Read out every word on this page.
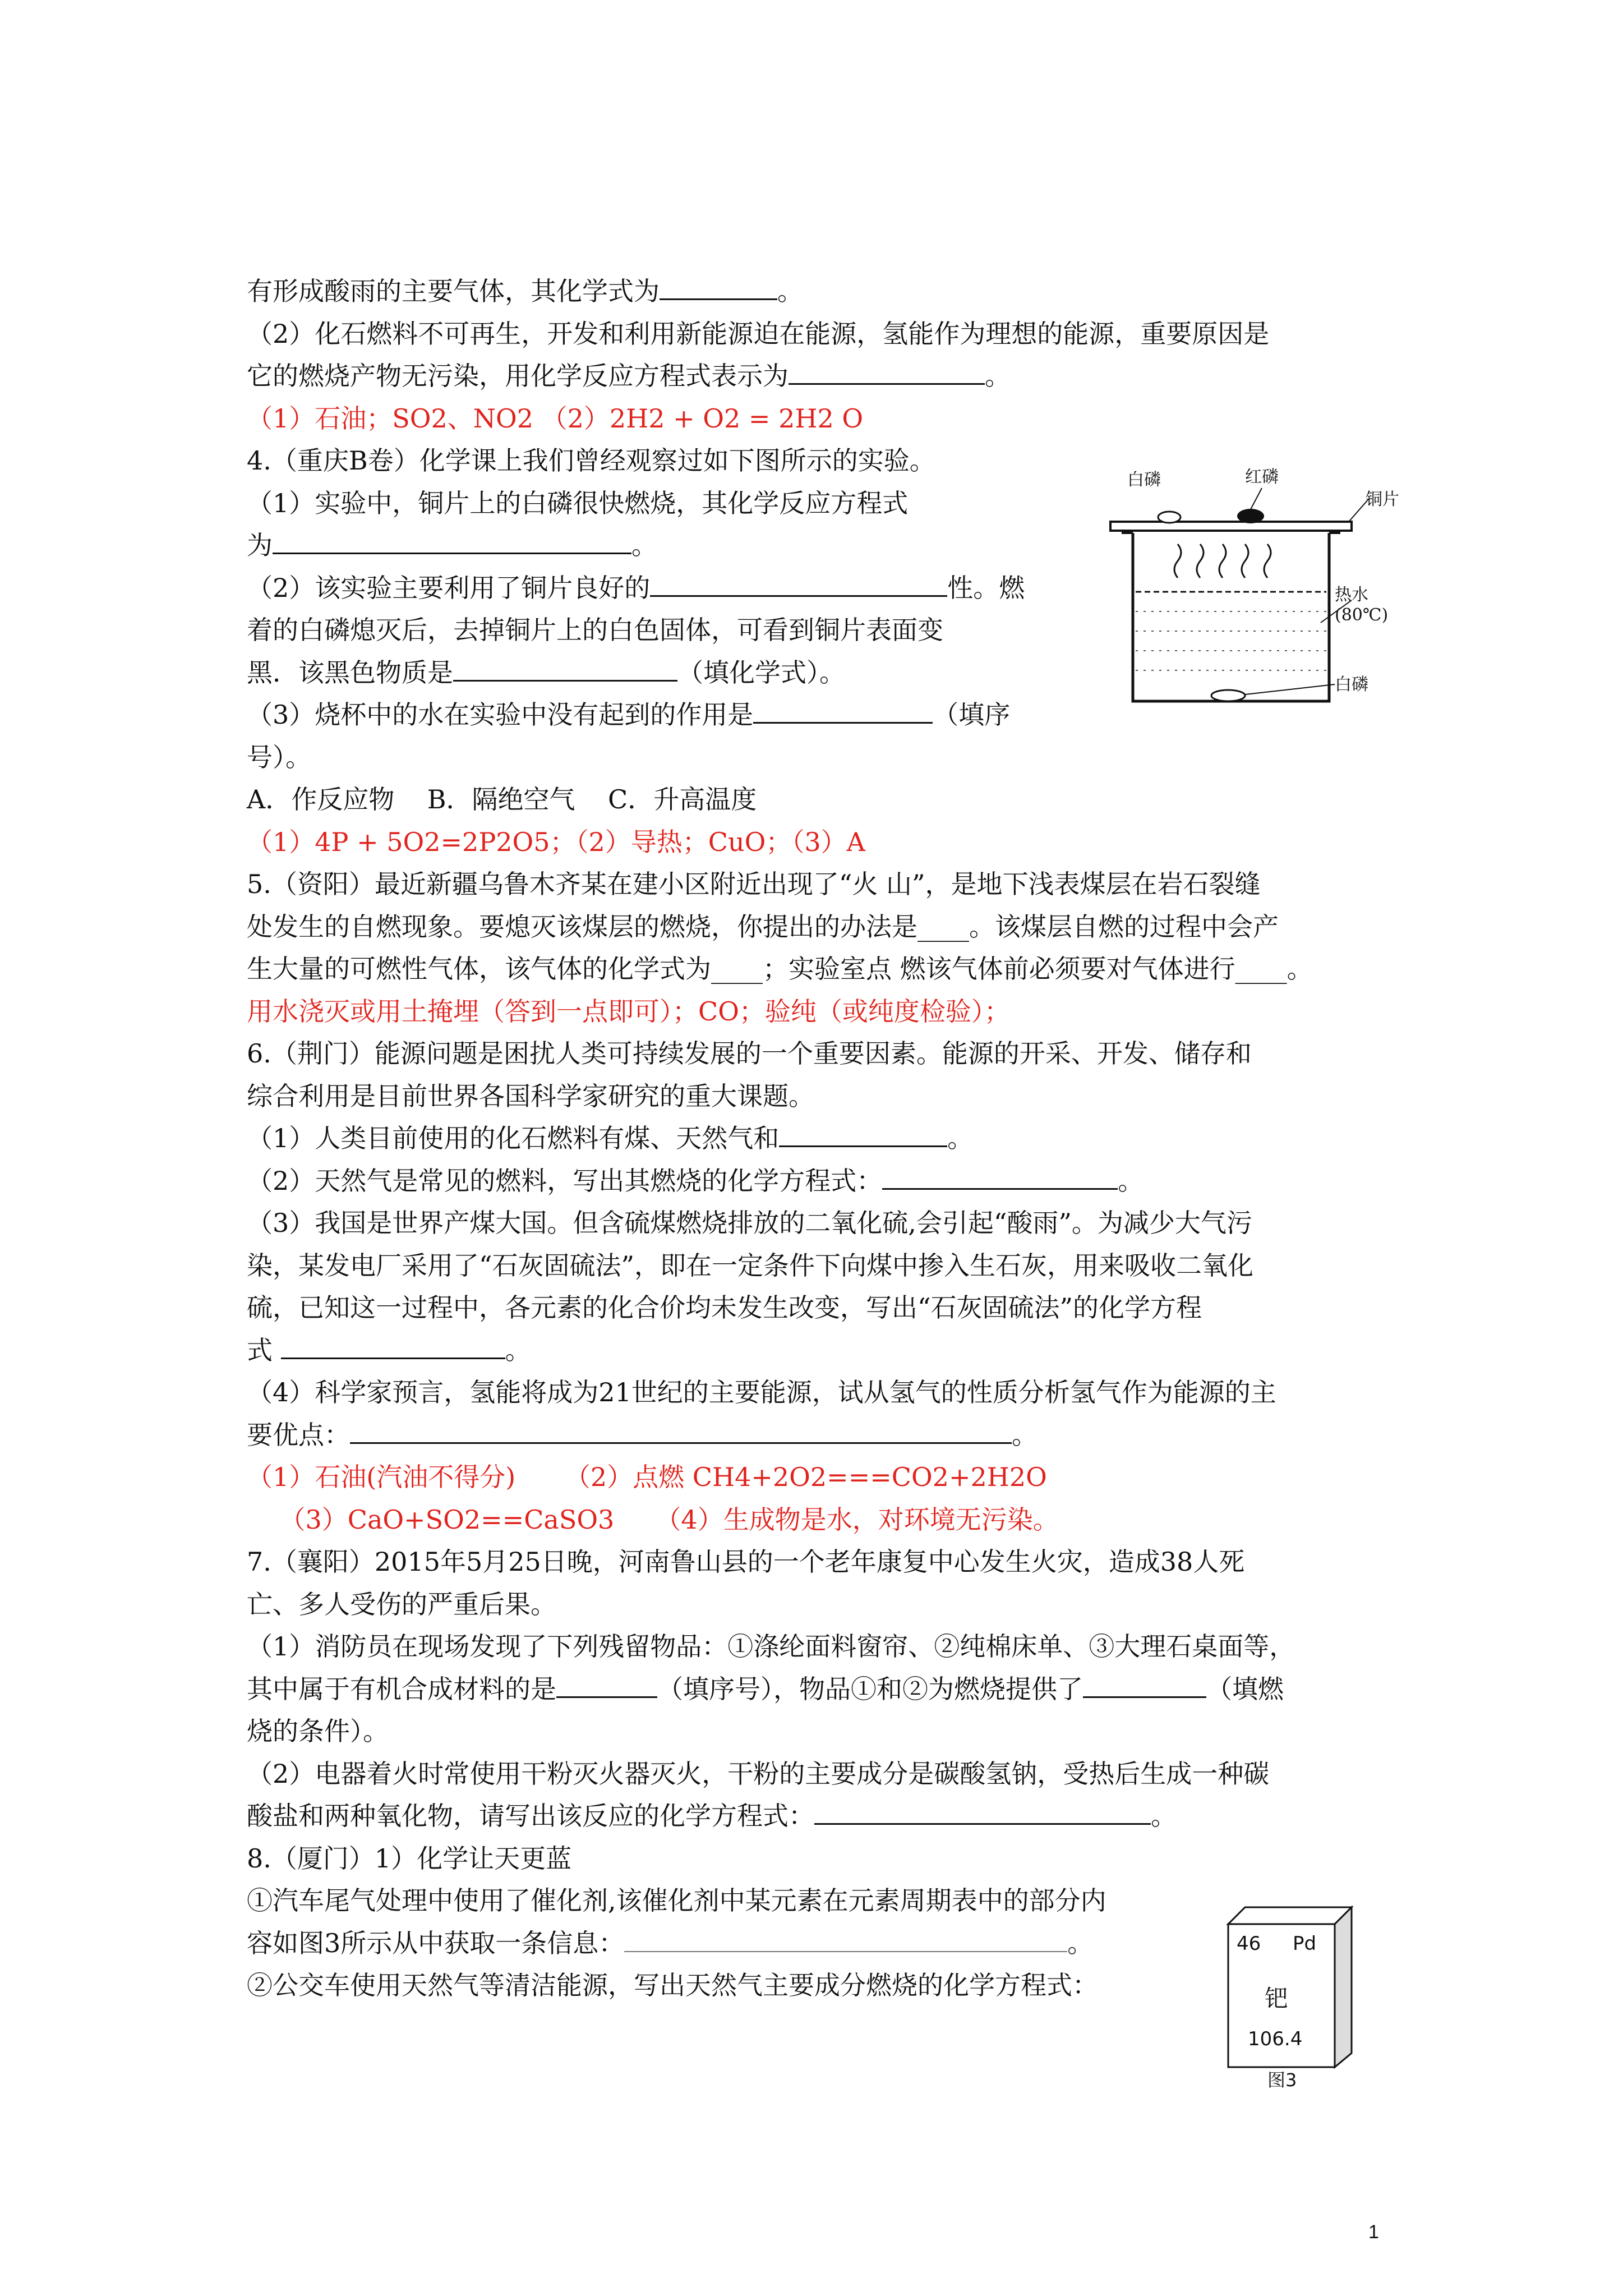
有形成酸雨的主要气体，其化学式为	。
（2）化石燃料不可再生，开发和利用新能源迫在能源，氢能作为理想的能源，重要原因是
它的燃烧产物无污染，用化学反应方程式表示为	。
（1）石油；SO2、NO2 （2）2H2 + O2 = 2H2 O
4.（重庆B卷）化学课上我们曾经观察过如下图所示的实验。
（1）实验中，铜片上的白磷很快燃烧，其化学反应方程式
为	。
（2）该实验主要利用了铜片良好的	性。燃
着的白磷熄灭后，去掉铜片上的白色固体，可看到铜片表面变
黑．该黑色物质是	（填化学式）。
（3）烧杯中的水在实验中没有起到的作用是	（填序
号）。
A．作反应物    B．隔绝空气    C．升高温度
（1）4P + 5O2=2P2O5；（2）导热；CuO；（3）A
5.（资阳）最近新疆乌鲁木齐某在建小区附近出现了“火 山”，是地下浅表煤层在岩石裂缝
处发生的自燃现象。要熄灭该煤层的燃烧，你提出的办法是____。该煤层自燃的过程中会产
生大量的可燃性气体，该气体的化学式为____；实验室点 燃该气体前必须要对气体进行____。
用水浇灭或用土掩埋（答到一点即可）；CO；验纯（或纯度检验）；
6.（荆门）能源问题是困扰人类可持续发展的一个重要因素。能源的开采、开发、储存和
综合利用是目前世界各国科学家研究的重大课题。
（1）人类目前使用的化石燃料有煤、天然气和	。
（2）天然气是常见的燃料，写出其燃烧的化学方程式：	。
（3）我国是世界产煤大国。但含硫煤燃烧排放的二氧化硫,会引起“酸雨”。为减少大气污
染，某发电厂采用了“石灰固硫法”，即在一定条件下向煤中掺入生石灰，用来吸收二氧化
硫，已知这一过程中，各元素的化合价均未发生改变，写出“石灰固硫法”的化学方程
式	。
（4）科学家预言，氢能将成为21世纪的主要能源，试从氢气的性质分析氢气作为能源的主
要优点：	。
（1）石油(汽油不得分)      （2）点燃 CH4+2O2===CO2+2H2O
（3）CaO+SO2==CaSO3     （4）生成物是水，对环境无污染。
7.（襄阳）2015年5月25日晚，河南鲁山县的一个老年康复中心发生火灾，造成38人死
亡、多人受伤的严重后果。
（1）消防员在现场发现了下列残留物品：①涤纶面料窗帘、②纯棉床单、③大理石桌面等，
其中属于有机合成材料的是	（填序号），物品①和②为燃烧提供了	（填燃
烧的条件）。
（2）电器着火时常使用干粉灭火器灭火，干粉的主要成分是碳酸氢钠，受热后生成一种碳
酸盐和两种氧化物，请写出该反应的化学方程式：	。
8.（厦门）1）化学让天更蓝
①汽车尾气处理中使用了催化剂,该催化剂中某元素在元素周期表中的部分内
容如图3所示从中获取一条信息：	。
②公交车使用天然气等清洁能源，写出天然气主要成分燃烧的化学方程式：
白磷	红磷
铜片
热水(80℃)
白磷
46 Pd
钯
106.4
图3
1
